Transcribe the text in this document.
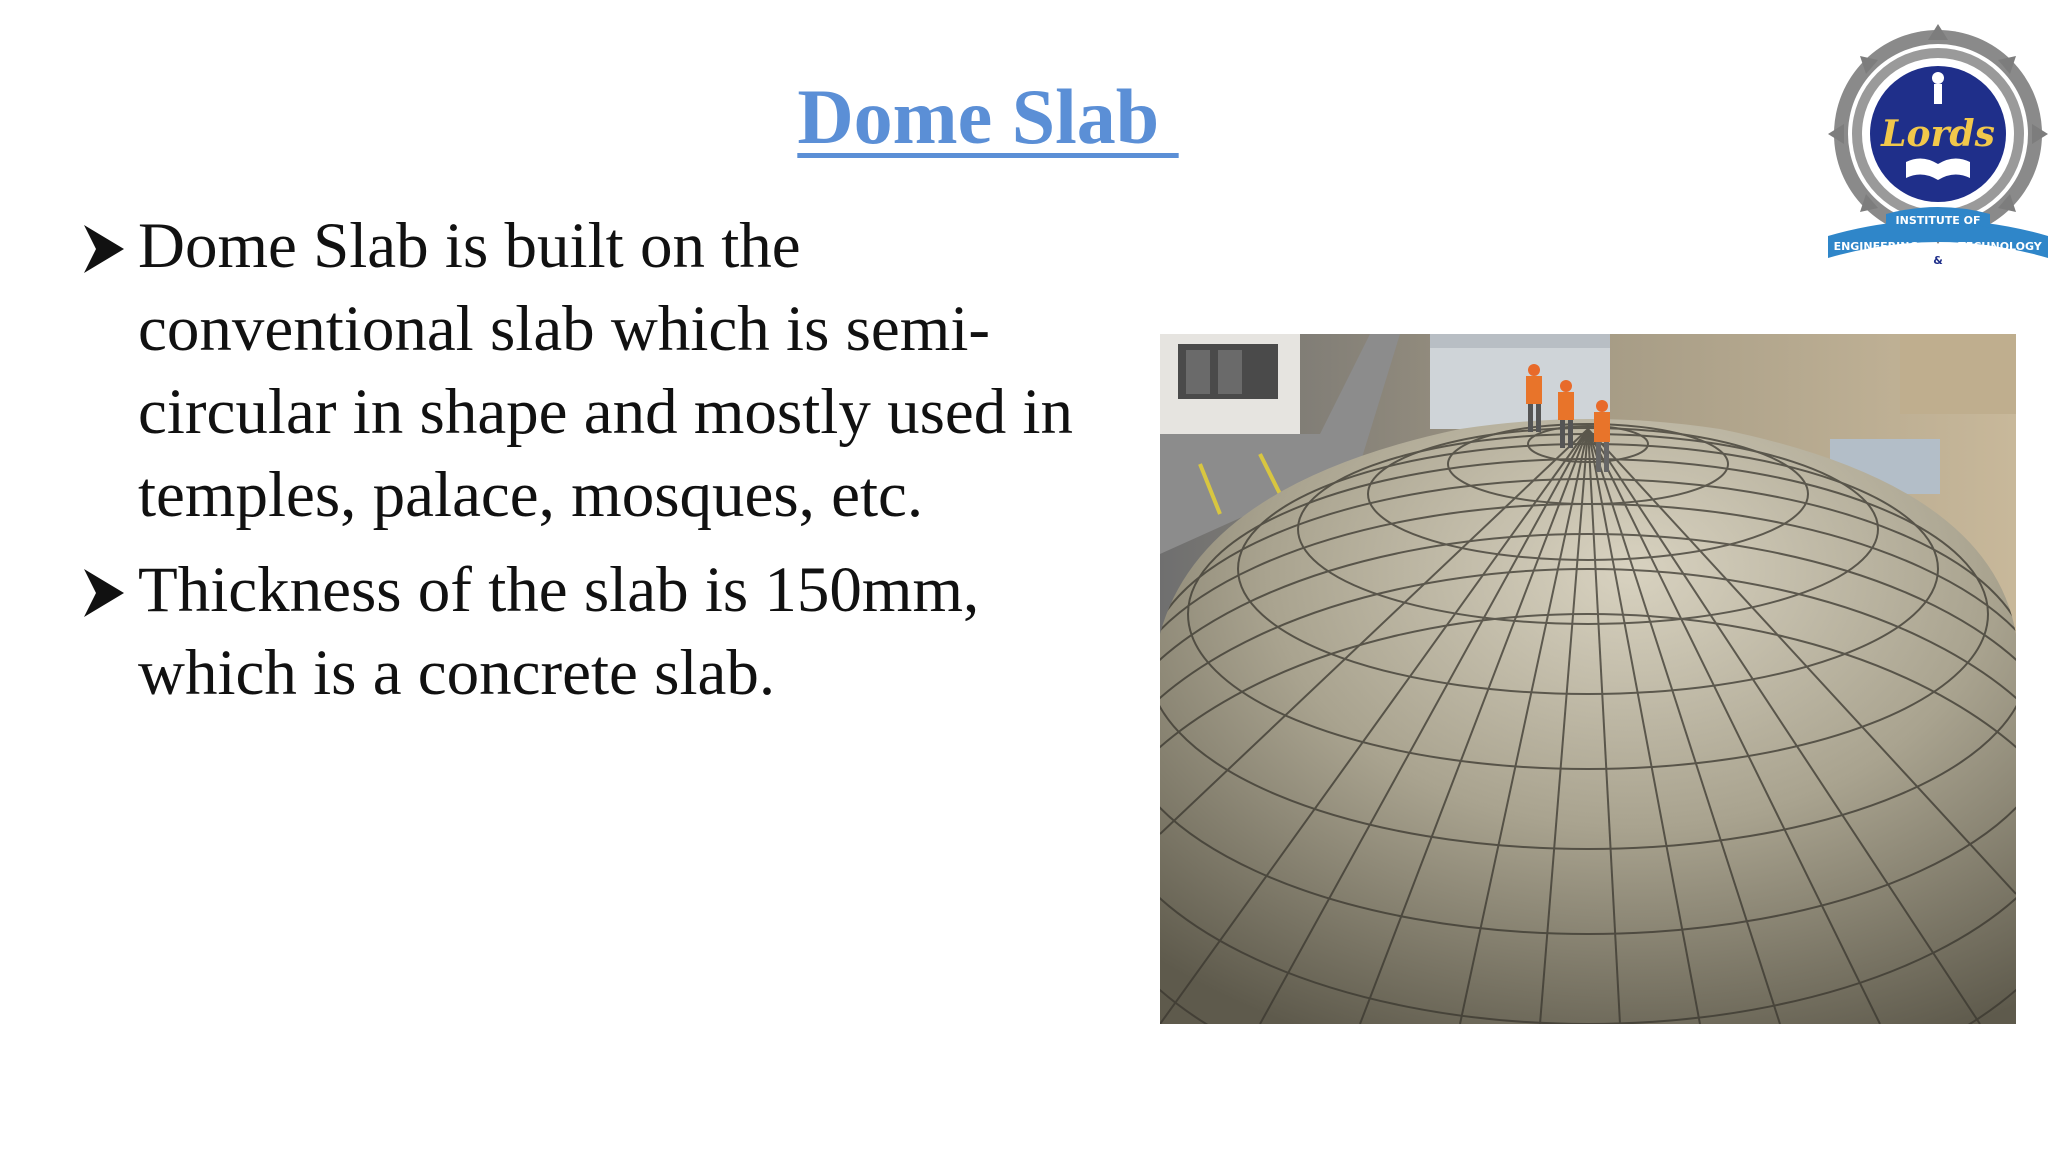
Dome Slab
Dome Slab is built on the conventional slab which is semi-circular in shape and mostly used in temples, palace, mosques, etc.
Thickness of the slab is 150mm, which is a concrete slab.
Lords
INSTITUTE OF
ENGINEERING
&
TECHNOLOGY
